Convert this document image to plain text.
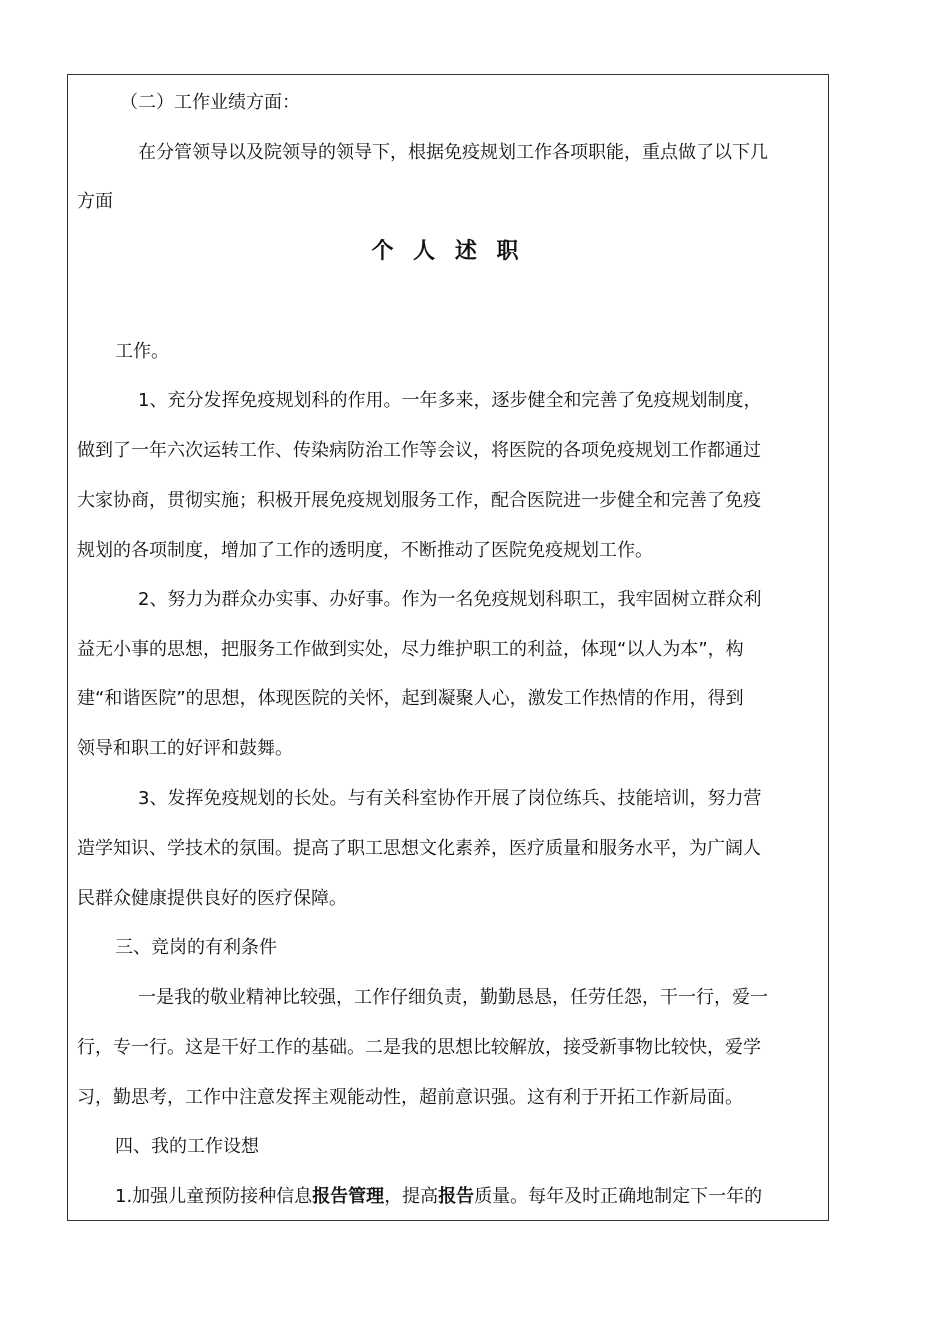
（二）工作业绩方面：
在分管领导以及院领导的领导下，根据免疫规划工作各项职能，重点做了以下几
方面
个 人 述 职
工作。
1、充分发挥免疫规划科的作用。一年多来，逐步健全和完善了免疫规划制度，
做到了一年六次运转工作、传染病防治工作等会议，将医院的各项免疫规划工作都通过
大家协商，贯彻实施；积极开展免疫规划服务工作，配合医院进一步健全和完善了免疫
规划的各项制度，增加了工作的透明度，不断推动了医院免疫规划工作。
2、努力为群众办实事、办好事。作为一名免疫规划科职工，我牢固树立群众利
益无小事的思想，把服务工作做到实处，尽力维护职工的利益，体现“以人为本”，构
建“和谐医院”的思想，体现医院的关怀，起到凝聚人心，激发工作热情的作用，得到
领导和职工的好评和鼓舞。
3、发挥免疫规划的长处。与有关科室协作开展了岗位练兵、技能培训，努力营
造学知识、学技术的氛围。提高了职工思想文化素养，医疗质量和服务水平，为广阔人
民群众健康提供良好的医疗保障。
三、竞岗的有利条件
一是我的敬业精神比较强，工作仔细负责，勤勤恳恳，任劳任怨，干一行，爱一
行，专一行。这是干好工作的基础。二是我的思想比较解放，接受新事物比较快，爱学
习，勤思考，工作中注意发挥主观能动性，超前意识强。这有利于开拓工作新局面。
四、我的工作设想
1.加强儿童预防接种信息报告管理，提高报告质量。每年及时正确地制定下一年的
